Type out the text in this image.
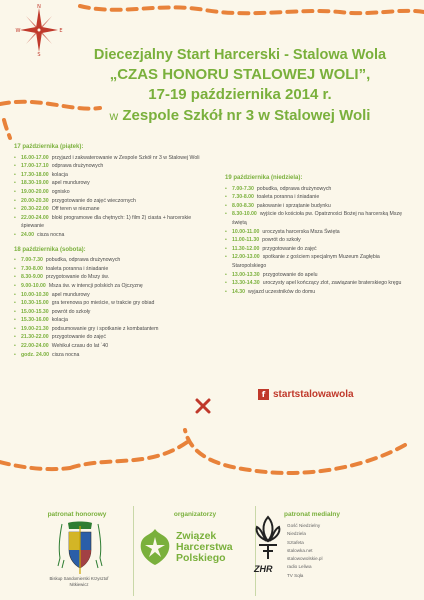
N
S
E
W
Diecezjalny Start Harcerski - Stalowa Wola
„CZAS HONORU STALOWEJ WOLI”,
17-19 października 2014 r.
w Zespole Szkół nr 3 w Stalowej Woli
17 października (piątek):
• 16.00-17.00 przyjazd i zakwaterowanie w Zespole Szkół nr 3 w Stalowej Woli
• 17.00-17.10 odprawa drużynowych
• 17.30-18.00 kolacja
• 18.30-19.00 apel mundurowy
• 19.00-20.00 ognisko
• 20.00-20.30 przygotowanie do zajęć wieczornych
• 20.30-22.00 Off teren w nieznane
• 22.00-24.00 bloki programowe dla chętnych: 1) film 2) ciasta + harcerskie śpiewanie
• 24.00 cisza nocna
18 października (sobota):
• 7.00-7.30 pobudka, odprawa drużynowych
• 7.30-8.00 toaleta poranna i śniadanie
• 8.30-9.00 przygotowanie do Mszy św.
• 9.00-10.00 Msza św. w intencji polskich za Ojczyznę
• 10.00-10.30 apel mundurowy
• 10.30-15.00 gra terenowa po mieście, w trakcie gry obiad
• 15.00-15.30 powrót do szkoły
• 15.30-16.00 kolacja
• 19.00-21.30 podsumowanie gry i spotkanie z kombatantem
• 21.30-22.00 przygotowanie do zajęć
• 22.00-24.00 Wehikuł czasu do lat `40
• godz. 24.00 cisza nocna
19 października (niedziela):
• 7.00-7.30 pobudka, odprawa drużynowych
• 7.30-8.00 toaleta poranna i śniadanie
• 8.00-8.30 pakowanie i sprzątanie budynku
• 8.30-10.00 wyjście do kościoła pw. Opatrzności Bożej na harcerską Mszę świętą
• 10.00-11.00 uroczysta harcerska Msza Święta
• 11.00-11.30 powrót do szkoły
• 11.30-12.00 przygotowanie do zajęć
• 12.00-13.00 spotkanie z gościem specjalnym Muzeum Zagłębia Staropolskiego
• 13.00-13.30 przygotowanie do apelu
• 13.30-14.30 uroczysty apel kończący zlot, zawiązanie braterskiego kręgu
• 14.30 wyjazd uczestników do domu
f startstalowawola
patronat honorowy	organizatorzy	patronat medialny
Biskup Sandomierski Krzysztof Nitkiewicz
Związek
Harcerstwa
Polskiego
ZHR
Gość Niedzielny
Niedziela
Sztafeta
stalowka.net
stalowowolskie.pl
radio Leliwa
TV Sqła
